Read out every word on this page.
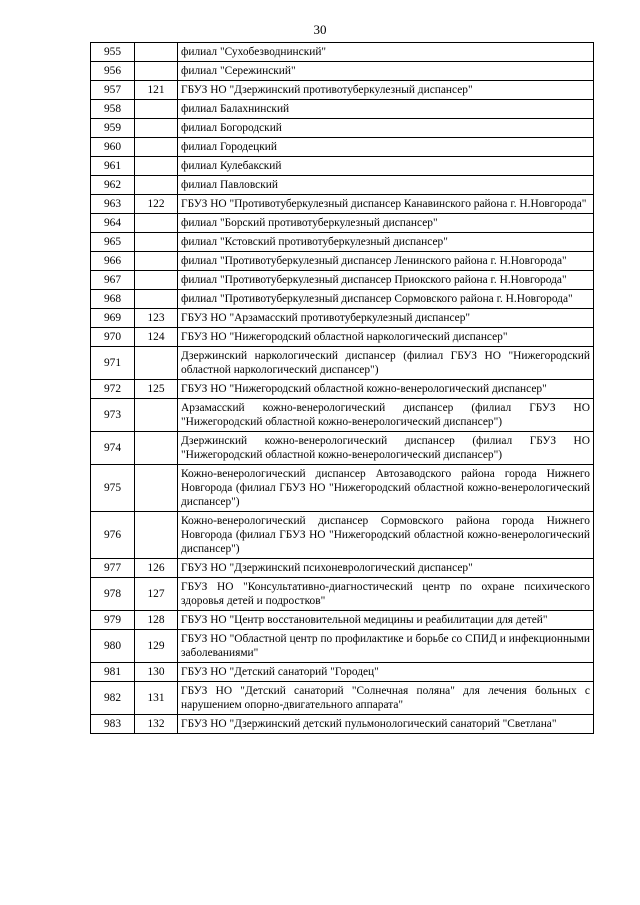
30
955		филиал "Сухобезводнинский"
956		филиал "Сережинский"
957	121	ГБУЗ НО "Дзержинский противотуберкулезный диспансер"
958		филиал Балахнинский
959		филиал Богородский
960		филиал Городецкий
961		филиал Кулебакский
962		филиал Павловский
963	122	ГБУЗ НО "Противотуберкулезный диспансер Канавинского района г. Н.Новгорода"
964		филиал "Борский противотуберкулезный диспансер"
965		филиал "Кстовский противотуберкулезный диспансер"
966		филиал "Противотуберкулезный диспансер Ленинского района г. Н.Новгорода"
967		филиал "Противотуберкулезный диспансер Приокского района г. Н.Новгорода"
968		филиал "Противотуберкулезный диспансер Сормовского района г. Н.Новгорода"
969	123	ГБУЗ НО "Арзамасский противотуберкулезный диспансер"
970	124	ГБУЗ НО "Нижегородский областной наркологический диспансер"
971		Дзержинский наркологический диспансер (филиал ГБУЗ НО "Нижегородский областной наркологический диспансер")
972	125	ГБУЗ НО "Нижегородский областной кожно-венерологический диспансер"
973		Арзамасский кожно-венерологический диспансер (филиал ГБУЗ НО "Нижегородский областной кожно-венерологический диспансер")
974		Дзержинский кожно-венерологический диспансер (филиал ГБУЗ НО "Нижегородский областной кожно-венерологический диспансер")
975		Кожно-венерологический диспансер Автозаводского района города Нижнего Новгорода (филиал ГБУЗ НО "Нижегородский областной кожно-венерологический диспансер")
976		Кожно-венерологический диспансер Сормовского района города Нижнего Новгорода (филиал ГБУЗ НО "Нижегородский областной кожно-венерологический диспансер")
977	126	ГБУЗ НО "Дзержинский психоневрологический диспансер"
978	127	ГБУЗ НО "Консультативно-диагностический центр по охране психического здоровья детей и подростков"
979	128	ГБУЗ НО "Центр восстановительной медицины и реабилитации для детей"
980	129	ГБУЗ НО "Областной центр по профилактике и борьбе со СПИД и инфекционными заболеваниями"
981	130	ГБУЗ НО "Детский санаторий "Городец"
982	131	ГБУЗ НО "Детский санаторий "Солнечная поляна" для лечения больных с нарушением опорно-двигательного аппарата"
983	132	ГБУЗ НО "Дзержинский детский пульмонологический санаторий "Светлана"
